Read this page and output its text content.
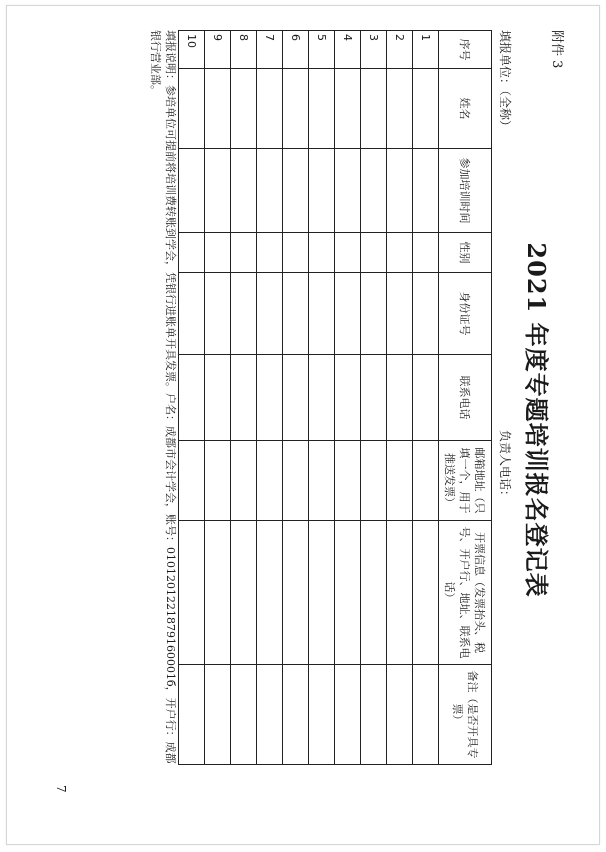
附件 3
2021 年度专题培训报名登记表
填报单位：（全称）
负责人电话：
序号	姓名	参加培训时间	性别	身份证号	联系电话	邮箱地址（只填一个，用于推送发票）	开票信息（发票抬头、税号、开户行、地址、联系电话）	备注（是否开具专票）
1								
2								
3								
4								
5								
6								
7								
8								
9								
10								
填报说明：参培单位可提前将培训费转账到学会，凭银行进账单开具发票。户名：成都市会计学会，账号：0101201221879160001б，开户行：成都银行营业部。
7
